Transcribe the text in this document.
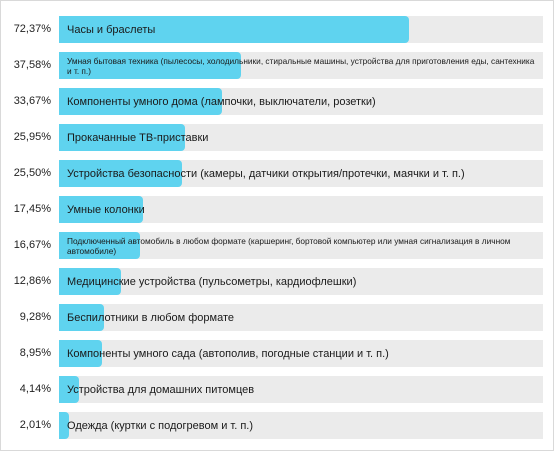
72,37% Часы и браслеты
37,58% Умная бытовая техника (пылесосы, холодильники, стиральные машины, устройства для приготовления еды, сантехника и т. п.)
33,67% Компоненты умного дома (лампочки, выключатели, розетки)
25,95% Прокачанные ТВ-приставки
25,50% Устройства безопасности (камеры, датчики открытия/протечки, маячки и т. п.)
17,45% Умные колонки
16,67% Подключенный автомобиль в любом формате (каршеринг, бортовой компьютер или умная сигнализация в личном автомобиле)
12,86% Медицинские устройства (пульсометры, кардиофлешки)
9,28% Беспилотники в любом формате
8,95% Компоненты умного сада (автополив, погодные станции и т. п.)
4,14% Устройства для домашних питомцев
2,01% Одежда (куртки с подогревом и т. п.)
